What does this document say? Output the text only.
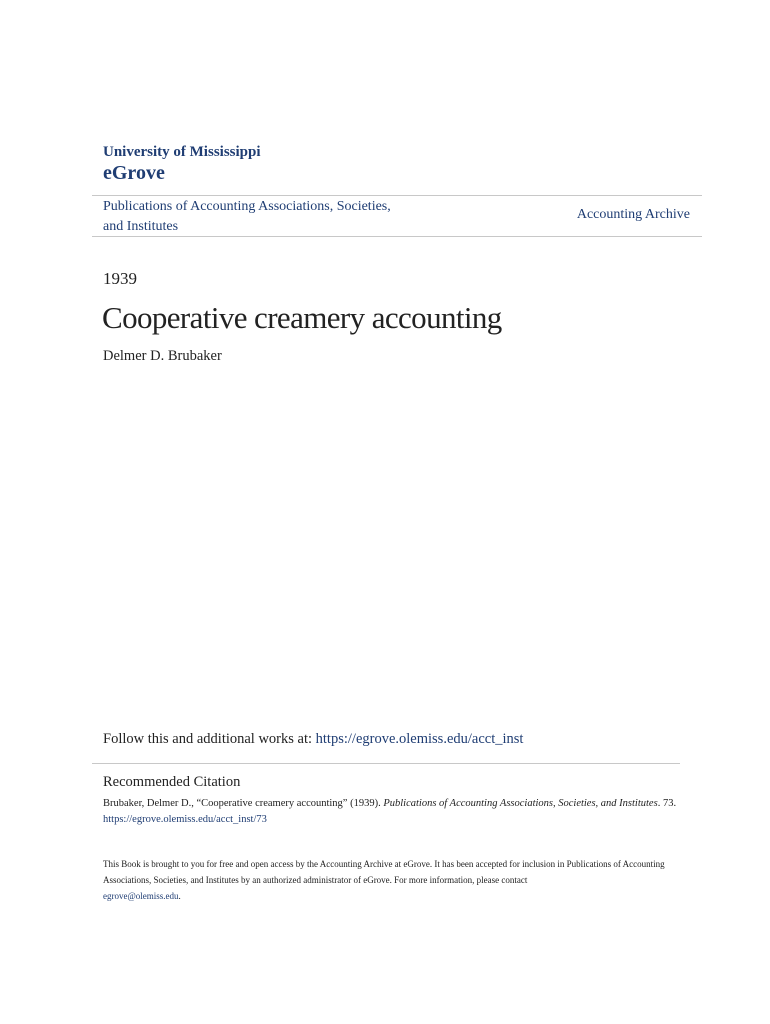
University of Mississippi
eGrove
Publications of Accounting Associations, Societies, and Institutes
Accounting Archive
1939
Cooperative creamery accounting
Delmer D. Brubaker
Follow this and additional works at: https://egrove.olemiss.edu/acct_inst
Recommended Citation
Brubaker, Delmer D., “Cooperative creamery accounting” (1939). Publications of Accounting Associations, Societies, and Institutes. 73.
https://egrove.olemiss.edu/acct_inst/73
This Book is brought to you for free and open access by the Accounting Archive at eGrove. It has been accepted for inclusion in Publications of Accounting Associations, Societies, and Institutes by an authorized administrator of eGrove. For more information, please contact
egrove@olemiss.edu.
